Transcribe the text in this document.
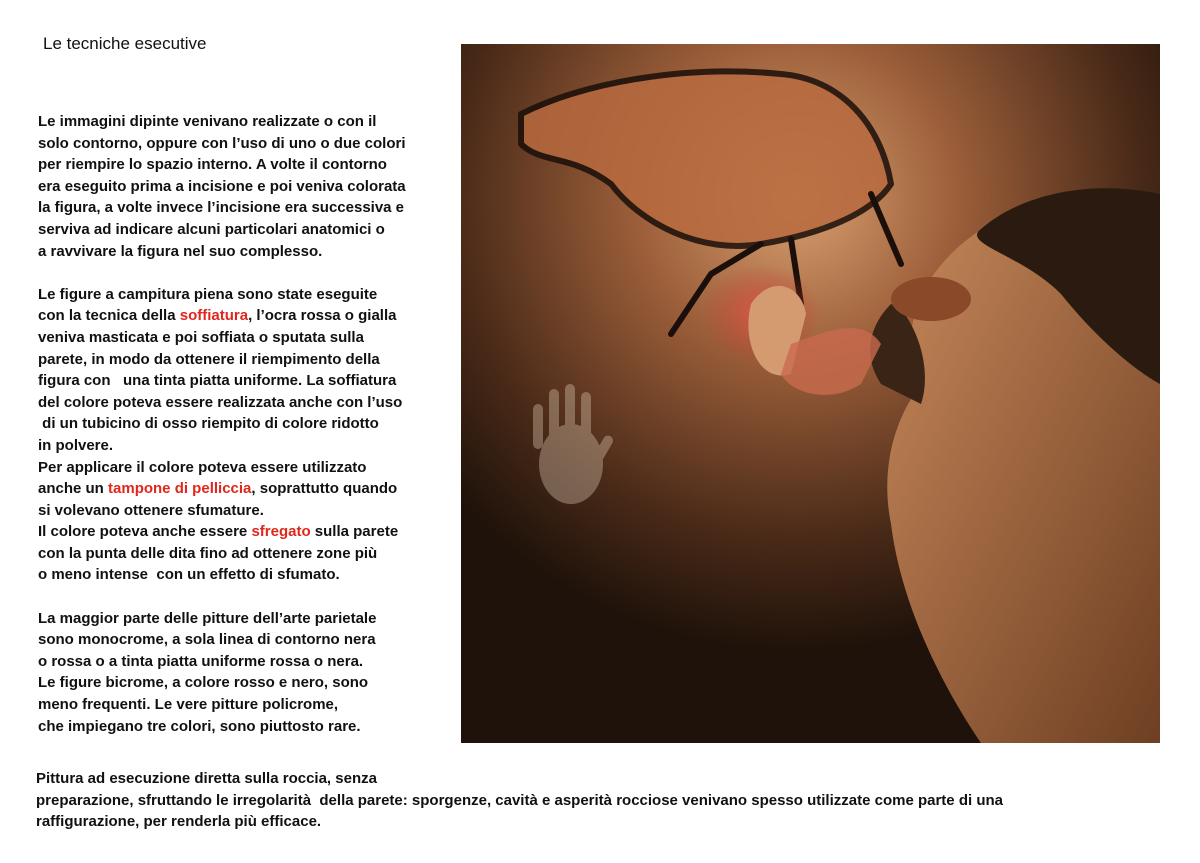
Le tecniche esecutive

Le immagini dipinte venivano realizzate o con il

solo contorno, oppure con l’uso di uno o due colori

per riempire lo spazio interno. A volte il contorno

era eseguito prima a incisione e poi veniva colorata

la figura, a volte invece l’incisione era successiva e

serviva ad indicare alcuni particolari anatomici o

a ravvivare la figura nel suo complesso.

Le figure a campitura piena sono state eseguite

con la tecnica della soffiatura, l’ocra rossa o gialla

veniva masticata e poi soffiata o sputata sulla

parete, in modo da ottenere il riempimento della

figura con   una tinta piatta uniforme. La soffiatura

del colore poteva essere realizzata anche con l’uso

di un tubicino di osso riempito di colore ridotto

in polvere.

Per applicare il colore poteva essere utilizzato

anche un tampone di pelliccia, soprattutto quando

si volevano ottenere sfumature.

Il colore poteva anche essere sfregato sulla parete

con la punta delle dita fino ad ottenere zone più

o meno intense  con un effetto di sfumato.

La maggior parte delle pitture dell’arte parietale

sono monocrome, a sola linea di contorno nera

o rossa o a tinta piatta uniforme rossa o nera.

Le figure bicrome, a colore rosso e nero, sono

meno frequenti. Le vere pitture policrome,

che impiegano tre colori, sono piuttosto rare.

Pittura ad esecuzione diretta sulla roccia, senza

preparazione, sfruttando le irregolarità  della parete: sporgenze, cavità e asperità rocciose venivano spesso utilizzate come parte di una

raffigurazione, per renderla più efficace.
